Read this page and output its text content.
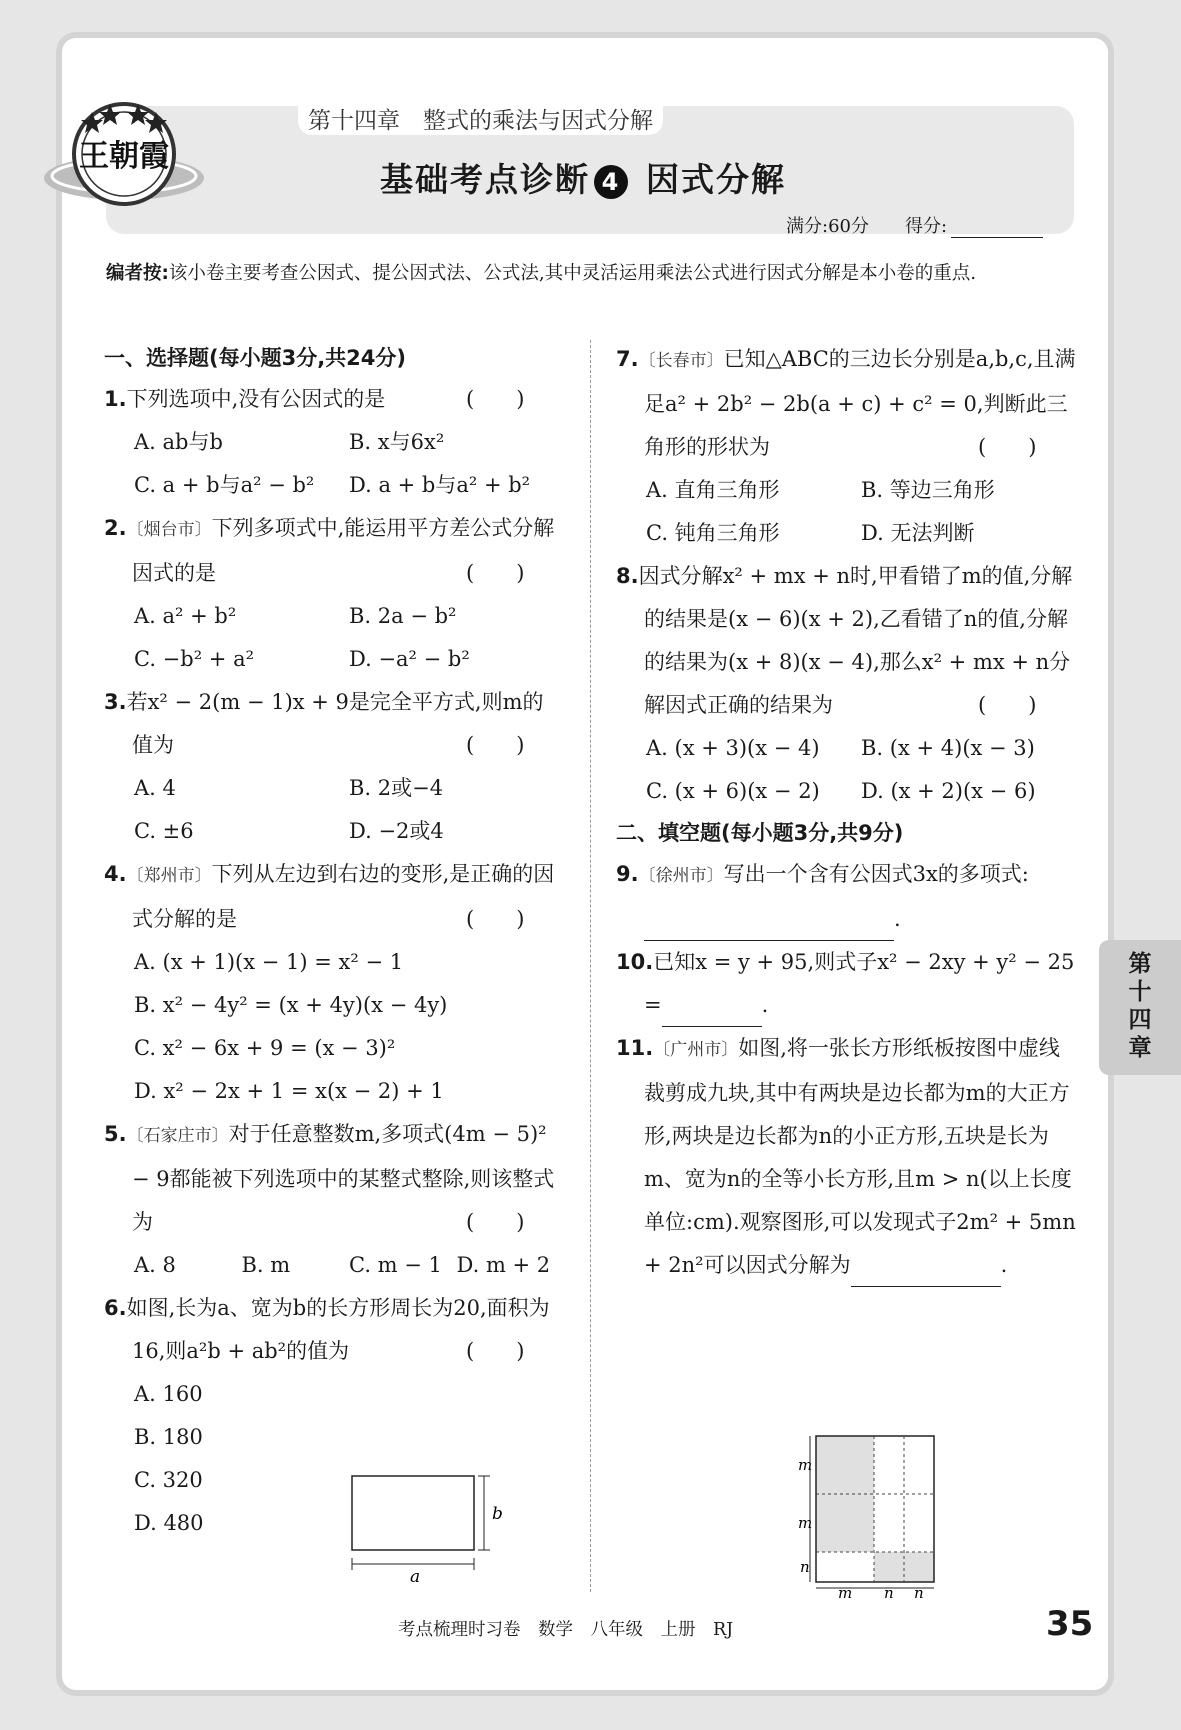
王朝霞
第十四章　整式的乘法与因式分解
基础考点诊断 4 因式分解
满分:60分　　 得分:
编者按:该小卷主要考查公因式、提公因式法、公式法,其中灵活运用乘法公式进行因式分解是本小卷的重点.
一、选择题(每小题3分,共24分)
1.下列选项中,没有公因式的是	(　　)
A. ab与b	B. x与6x²
C. a + b与a² − b²	D. a + b与a² + b²
2.〔烟台市〕下列多项式中,能运用平方差公式分解因式的是	(　　)
A. a² + b²	B. 2a − b²
C. −b² + a²	D. −a² − b²
3.若x² − 2(m − 1)x + 9是完全平方式,则m的值为	(　　)
A. 4	B. 2或−4
C. ±6	D. −2或4
4.〔郑州市〕下列从左边到右边的变形,是正确的因式分解的是	(　　)
A. (x + 1)(x − 1) = x² − 1
B. x² − 4y² = (x + 4y)(x − 4y)
C. x² − 6x + 9 = (x − 3)²
D. x² − 2x + 1 = x(x − 2) + 1
5.〔石家庄市〕对于任意整数m,多项式(4m − 5)² − 9都能被下列选项中的某整式整除,则该整式为	(　　)
A. 8	B. m	C. m − 1 D. m + 2
6.如图,长为a、宽为b的长方形周长为20,面积为16,则a²b + ab²的值为	(　　)
A. 160
B. 180
C. 320
D. 480
a
b
7.〔长春市〕已知△ABC的三边长分别是a,b,c,且满足a² + 2b² − 2b(a + c) + c² = 0,判断此三角形的形状为	(　　)
A. 直角三角形	B. 等边三角形
C. 钝角三角形	D. 无法判断
8.因式分解x² + mx + n时,甲看错了m的值,分解的结果是(x − 6)(x + 2),乙看错了n的值,分解的结果为(x + 8)(x − 4),那么x² + mx + n分解因式正确的结果为	(　　)
A. (x + 3)(x − 4)	B. (x + 4)(x − 3)
C. (x + 6)(x − 2)	D. (x + 2)(x − 6)
二、填空题(每小题3分,共9分)
9.〔徐州市〕写出一个含有公因式3x的多项式:.
10.已知x = y + 95,则式子x² − 2xy + y² − 25 =	.
11.〔广州市〕如图,将一张长方形纸板按图中虚线裁剪成九块,其中有两块是边长都为m的大正方形,两块是边长都为n的小正方形,五块是长为m、宽为n的全等小长方形,且m > n(以上长度单位:cm).观察图形,可以发现式子2m² + 5mn + 2n²可以因式分解为	.
m
m
n
m n n
第
十
四
章
考点梳理时习卷　数学　八年级　上册　RJ	35
